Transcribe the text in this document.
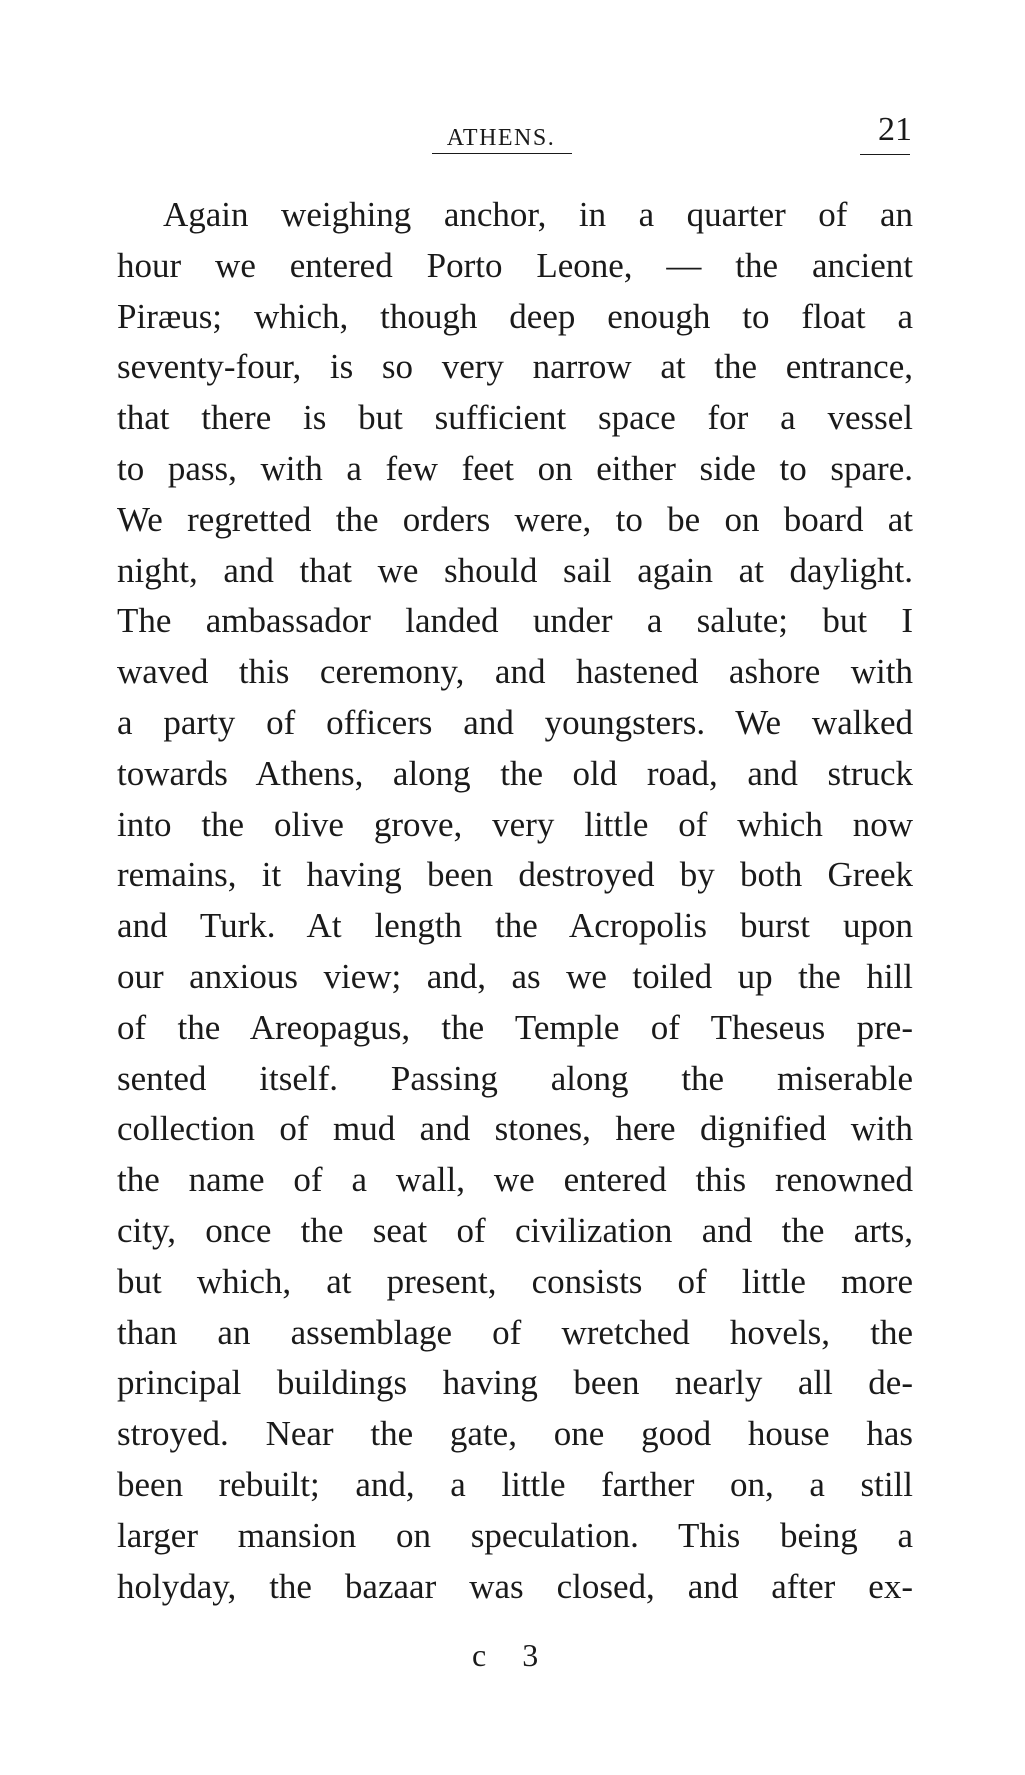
ATHENS.	21
Again weighing anchor, in a quarter of an
hour we entered Porto Leone, — the ancient
Piræus; which, though deep enough to float a
seventy-four, is so very narrow at the entrance,
that there is but sufficient space for a vessel
to pass, with a few feet on either side to spare.
We regretted the orders were, to be on board at
night, and that we should sail again at daylight.
The ambassador landed under a salute; but I
waved this ceremony, and hastened ashore with
a party of officers and youngsters. We walked
towards Athens, along the old road, and struck
into the olive grove, very little of which now
remains, it having been destroyed by both Greek
and Turk. At length the Acropolis burst upon
our anxious view; and, as we toiled up the hill
of the Areopagus, the Temple of Theseus pre-
sented itself. Passing along the miserable
collection of mud and stones, here dignified with
the name of a wall, we entered this renowned
city, once the seat of civilization and the arts,
but which, at present, consists of little more
than an assemblage of wretched hovels, the
principal buildings having been nearly all de-
stroyed. Near the gate, one good house has
been rebuilt; and, a little farther on, a still
larger mansion on speculation. This being a
holyday, the bazaar was closed, and after ex-
c 3
